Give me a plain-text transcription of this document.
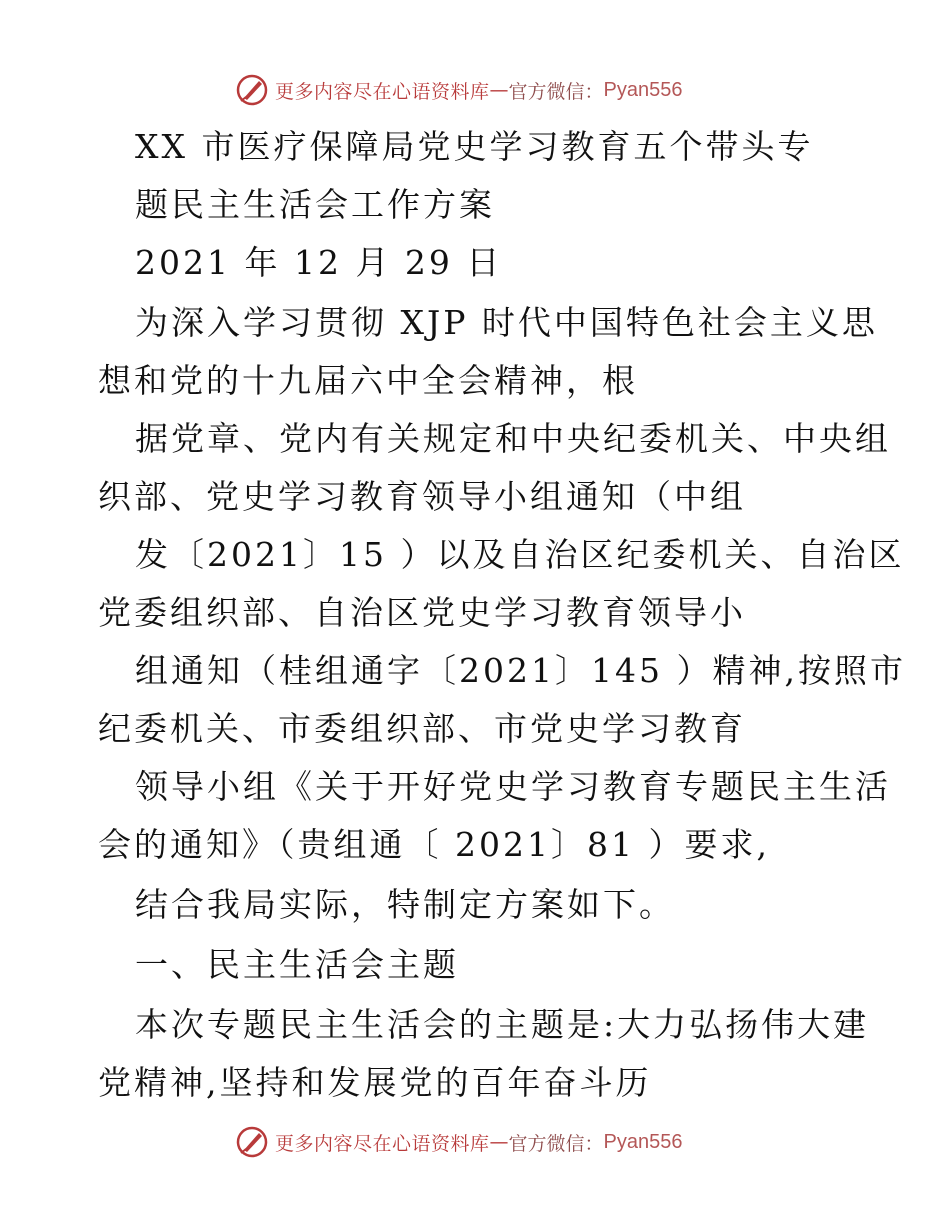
更多内容尽在心语资料库 — 官方微信： Pyan556
XX 市医疗保障局党史学习教育五个带头专
题民主生活会工作方案
2021 年 12 月 29 日
为深入学习贯彻 XJP 时代中国特色社会主义思
想和党的十九届六中全会精神，根
据党章、党内有关规定和中央纪委机关、中央组
织部、党史学习教育领导小组通知（中组
发〔2021〕15 ）以及自治区纪委机关、自治区
党委组织部、自治区党史学习教育领导小
组通知（桂组通字〔2021〕145 ）精神,按照市
纪委机关、市委组织部、市党史学习教育
领导小组《关于开好党史学习教育专题民主生活
会的通知》（贵组通〔 2021〕81 ）要求,
结合我局实际，特制定方案如下。
一、民主生活会主题
本次专题民主生活会的主题是:大力弘扬伟大建
党精神,坚持和发展党的百年奋斗历
更多内容尽在心语资料库 — 官方微信： Pyan556
